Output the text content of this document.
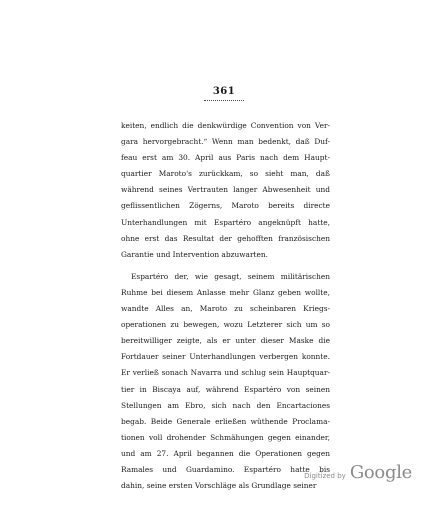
361
keiten, endlich die denkwürdige Convention von Ver-
gara hervorgebracht.“ Wenn man bedenkt, daß Duf-
feau erst am 30. April aus Paris nach dem Haupt-
quartier Maroto's zurückkam, so sieht man, daß
während seines Vertrauten langer Abwesenheit und
geflissentlichen Zögerns, Maroto bereits directe
Unterhandlungen mit Espartéro angeknüpft hatte,
ohne erst das Resultat der gehofften französischen
Garantie und Intervention abzuwarten.
Espartéro der, wie gesagt, seinem militärischen
Ruhme bei diesem Anlasse mehr Glanz geben wollte,
wandte Alles an, Maroto zu scheinbaren Kriegs-
operationen zu bewegen, wozu Letzterer sich um so
bereitwilliger zeigte, als er unter dieser Maske die
Fortdauer seiner Unterhandlungen verbergen konnte.
Er verließ sonach Navarra und schlug sein Hauptquar-
tier in Biscaya auf, während Espartéro von seinen
Stellungen am Ebro, sich nach den Encartaciones
begab. Beide Generale erließen wüthende Proclama-
tionen voll drohender Schmähungen gegen einander,
und am 27. April begannen die Operationen gegen
Ramales und Guardamino. Espartéro hatte bis
dahin, seine ersten Vorschläge als Grundlage seiner
Digitized by Google
